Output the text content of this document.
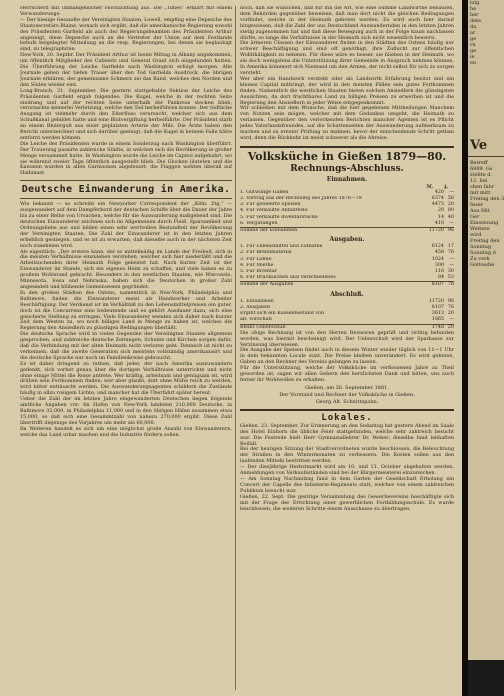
Herrschern mit unmaßgeblicher Hochachtung aus. Die „Times“ erklärt mit einem Verwunderungs-

— Der hiesige Gesandte der Vereinigten Staaten, Lowell, empfing eine Depesche des Staatssecretärs Blaine, wonach sich ergibt, daß die amerikanische Regierung sowohl des Präsidenten Garfield als auch der Regierungsbeamten des Präsidenten Arthur angezeigt, diese Depesche auch an die Vertreter der Union auf dem Festlande behufs beigelegter Mitteilung an die resp. Regierungen, bei denen sie beglaubigt sind, zu telegraphiren.

New-York, 20. Septbr. Der Präsident Arthur ist heute Mittag in Albany angekommen, um öffentlich Mitglieder des Cabinets und General Grant sich eingefunden hatten. Die Überführung der Leiche Garfields nach Washington erfolgt morgen. Alle Journale geben der tiefen Trauer über den Tod Garfields Ausdruck, die übrigen Journale erklären, der gemeinsame Schmerz sei das Band, welches den Norden und den Süden wieder eint.

Long-Branch, 21. September. Die gestern stattgehabte Sektion der Leiche des Präsidenten Garfield ergab folgendes: Die Kugel, welche in der rechten Seite eindrang und auf der rechten Seite unterhalb der Pankreas stecken blieb, verursachte keinerlei Verletzung, welche den Tod herbeiführen konnte. Der tödtliche Ausgang ist vielmehr durch den Eiterfluss verursacht, welcher sich aus dem Schußkanal gebildet hatte und eine Blutvergiftung herbeiführte. Der Präsident starb an einem Bluterguß aus einer geplatzten Arterie der Milz. Die Ärzte haben den Bericht unterzeichnet und sich darüber geeinigt, daß die Kugel in keinem Falle hätte entfernt werden können.

Die Leiche des Präsidenten wurde in einem Sonderzug nach Washington überführt. Der Trauerzug passirte zahlreiche Städte, in welchen sich die Bevölkerung in großer Menge versammelt hatte. In Washington wurde die Leiche im Capitol aufgebahrt, wo sie während zweier Tage öffentlich ausgestellt blieb. Die Glocken läuteten und die Kanonen wurden in allen Garnisonen abgefeuert; die Flaggen wehten überall auf Halbmast.

Deutsche Einwanderung in Amerika.

Wie bekannt — so schreibt ein Newyorker Correspondent der „Köln. Ztg.“ — ausgewandert auf dem Dampferbord der deutschen Schiffe über die Dauer der Jahre bis zu einer Reihe von Ursachen, welche für die Auswanderung maßgebend sind. Die deutschen Einwanderer zeichnen sich im Allgemeinen durch Fleiß, Sparsamkeit und Ordnungsliebe aus und bilden einen sehr wertvollen Bestandteil der Bevölkerung der Vereinigten Staaten. Die Zahl der Einwanderer ist in den letzten Jahren erheblich gestiegen, und es ist zu erwarten, daß dieselbe auch in der nächsten Zeit noch zunehmen wird.

Als eigentlich: „Der erstere kann, der so mittelmäßig im Lande der Freiheit, sich in die meisten Verhältnisse einzuleben verstehen, welcher sich hier niederläßt und die Arbeitsuchenden ihrer Heimath Folge geleistet hat. Nach kurzer Zeit ist der Einwanderer im Stande, sich ein eigenes Heim zu schaffen, und viele haben es zu großem Wohlstand gebracht. Besonders in den westlichen Staaten, wie Wisconsin, Minnesota, Iowa und Nebraska, haben sich die Deutschen in großer Zahl angesiedelt und blühende Gemeinwesen gegründet.

In den großen Städten des Ostens, namentlich in New-York, Philadelphia und Baltimore, finden die Einwanderer meist als Handwerker und Arbeiter Beschäftigung. Der Verdienst ist im Verhältniß zu den Lebensmittelpreisen ein guter, doch ist die Concurrenz eine bedeutende und es gehört Ausdauer dazu, sich eine gesicherte Stellung zu erringen. Viele Einwanderer wenden sich daher nach kurzer Zeit dem Westen zu, wo noch billiges Land in Menge zu haben ist, welches die Regierung den Ansiedlern zu günstigen Bedingungen überläßt.

Die deutsche Sprache wird in vielen Gegenden der Vereinigten Staaten allgemein gesprochen, und zahlreiche deutsche Zeitungen, Schulen und Kirchen sorgen dafür, daß die Verbindung mit der alten Heimath nicht verloren geht. Dennoch ist nicht zu verkennen, daß die zweite Generation sich meistens vollständig amerikanisirt und die deutsche Sprache nur noch im Familienkreise gebraucht.

Es ist daher dringend zu rathen, daß jeder, der nach Amerika auszuwandern gedenkt, sich vorher genau über die dortigen Verhältnisse unterrichte und nicht ohne einige Mittel die Reise antrete. Wer kräftig, arbeitsam und genügsam ist, wird drüben sein Fortkommen finden; wer aber glaubt, dort ohne Mühe reich zu werden, wird bitter enttäuscht werden. Die Auswanderungsagenten schildern die Zustände häufig in allzu rosigem Lichte, und mancher hat die Überfahrt später bereut.

Ueber die Zahl der im letzten Jahre eingewanderten Deutschen liegen folgende amtliche Angaben vor: Im Hafen von New-York landeten 210,000 Deutsche, in Baltimore 32,000, in Philadelphia 11,000 und in den übrigen Häfen zusammen etwa 15,000, so daß sich eine Gesammtzahl von nahezu 270,000 ergibt. Diese Zahl übertrifft diejenige des Vorjahres um mehr als 60,000.

Im Weiteren handelt es sich um eine möglichst große Anzahl von Einwanderern, welche das Land urbar machen und die Industrie fördern sollen.

noch, daß sie wünschen, daß für ihn die Art, wie eine Summe Landwirthe bebauten, dem Behörden gegenüber beweisen, daß man dort nicht die gleichen Bedingungen vorfindet, welche in der Heimath geboten werden. Es wird auch hier darauf hingewiesen, daß die Zahl der aus Deutschland Auswandernden in den letzten Jahren stetig zugenommen hat und daß diese Bewegung auch in der Folge kaum nachlassen dürfte, so lange die Verhältnisse in der Heimath sich nicht wesentlich bessern.

Die ärmeren Classen der Einwanderer finden in den Städten des Ostens häufig nur schwer Beschäftigung und sind oft genöthigt, ihre Zuflucht zur öffentlichen Wohlthätigkeit zu nehmen. Für diese wäre es besser, sie blieben in der Heimath, wo sie doch wenigstens die Unterstützung ihrer Gemeinde in Anspruch nehmen können. In Amerika kümmert sich Niemand um den Armen, der nicht selbst für sich zu sorgen versteht.

Wer aber ein Handwerk versteht oder als Landwirth Erfahrung besitzt und ein kleines Capital mitbringt, der wird in den meisten Fällen sein gutes Fortkommen finden. Namentlich die westlichen Staaten bieten solchen Ansiedlern die günstigsten Aussichten, da dort fruchtbares Land zu billigen Preisen zu erwerben ist und die Regierung den Ansiedlern in jeder Weise entgegenkommt.

Wir schließen mit dem Wunsche, daß die hier gegebenen Mittheilungen Manchem von Nutzen sein mögen, welcher mit dem Gedanken umgeht, die Heimath zu verlassen. Gegenüber den verlockenden Berichten mancher Agenten ist es Pflicht jedes Vaterlandsfreundes, auf die Schattenseiten der Auswanderung aufmerksam zu machen und zu ernster Prüfung zu mahnen, bevor der entscheidende Schritt gethan wird, denn die Rückkehr ist meist schwerer als die Abreise.

Volksküche in Gießen 1879—80.

Rechnungs-Abschluss.

Einnahmen.

ℳ.	₰.
1. Gutwillige Gaben	420	—
2. Vortrag aus der Rechnung des Jahres 1878—79	6374 56
3. Für gelieferte Speisen	4473 20
4. Für verkaufte Abfallreste	28 80
5. Für verkaufte Inventarstücke	14 40
6. Vergütungen	410	—
Summe der Einnahmen	11720 96

Ausgaben.

1. Für Lebensmittel und Zuthaten	6124 17
2. Für Brennmaterial	458 76
3. Für Löhne	1024	—
4. Für Miethe	300	—
5. Für Inventar	116 30
6. Für Drucksachen und Verschiedenes	84 53
Summe der Ausgaben	8107 76

Abschluß.

1. Einnahmen	11720 96
2. Ausgaben	8107 76
Ergibt sich ein Kassenbestand von	3613 20
ab: Vorschuß	1865	—
Bleibt Ueberschuß	1748 20

Die obige Rechnung ist von den Herren Revisoren geprüft und richtig befunden worden, was hiermit bescheinigt wird. Der Ueberschuß wird der Sparkasse zur Verzinsung überwiesen.

Die Ausgabe der Speisen findet auch in diesem Winter wieder täglich von 11—1 Uhr in dem bekannten Locale statt. Die Preise bleiben unverändert. Es wird gebeten, Gaben an den Rechner des Vereins gelangen zu lassen.

Für die Unterstützung, welche der Volksküche im verflossenen Jahre zu Theil geworden ist, sagen wir allen Gebern den herzlichsten Dank und bitten, uns auch ferner ihr Wohlwollen zu erhalten.

Gießen, am 26. September 1881.

Der Vorstand und Rechner der Volksküche in Gießen.

Georg Alt. Schnittspahn.

Lokales.

Gießen, 23. September. Zur Erinnerung an den Sedantag hat gestern Abend im Saale des Hotel Einhorn die übliche Feier stattgefunden, welche sehr zahlreich besucht war. Die Festrede hielt Herr Gymnasiallehrer Dr. Weber; dieselbe fand lebhaften Beifall.

Bei der heutigen Sitzung der Stadtverordneten wurde beschlossen, die Beleuchtung der Straßen in den Wintermonaten zu verbessern. Die Kosten sollen aus den laufenden Mitteln bestritten werden.

— Der diesjährige Herbstmarkt wird am 10. und 11. October abgehalten werden. Anmeldungen von Verkaufsständen sind bei der Bürgermeisterei einzureichen.

— Am Sonntag Nachmittag fand in dem Garten der Gesellschaft Erholung ein Concert der Capelle des Infanterie-Regiments statt, welches von einem zahlreichen Publikum besucht war.

Gießen, 22. Sept. Die gestrige Versammlung des Gewerbevereins beschäftigte sich mit der Frage der Errichtung einer gewerblichen Fortbildungsschule. Es wurde beschlossen, die weiteren Schritte einem Ausschusse zu übertragen.

tzig

he

her

dete

da

ar

ge

rn

ge

ie

en

Ve

Betreff

6889. Gs

stellte d.

12. bei

chen fahr

mit mitt

Freitag den 3

Inser

Aus Mit

Ger

Einsetzung

Weitere

wird

Freitag den

Sonntag

Sonntag d

Zu verk

Gottesdie
